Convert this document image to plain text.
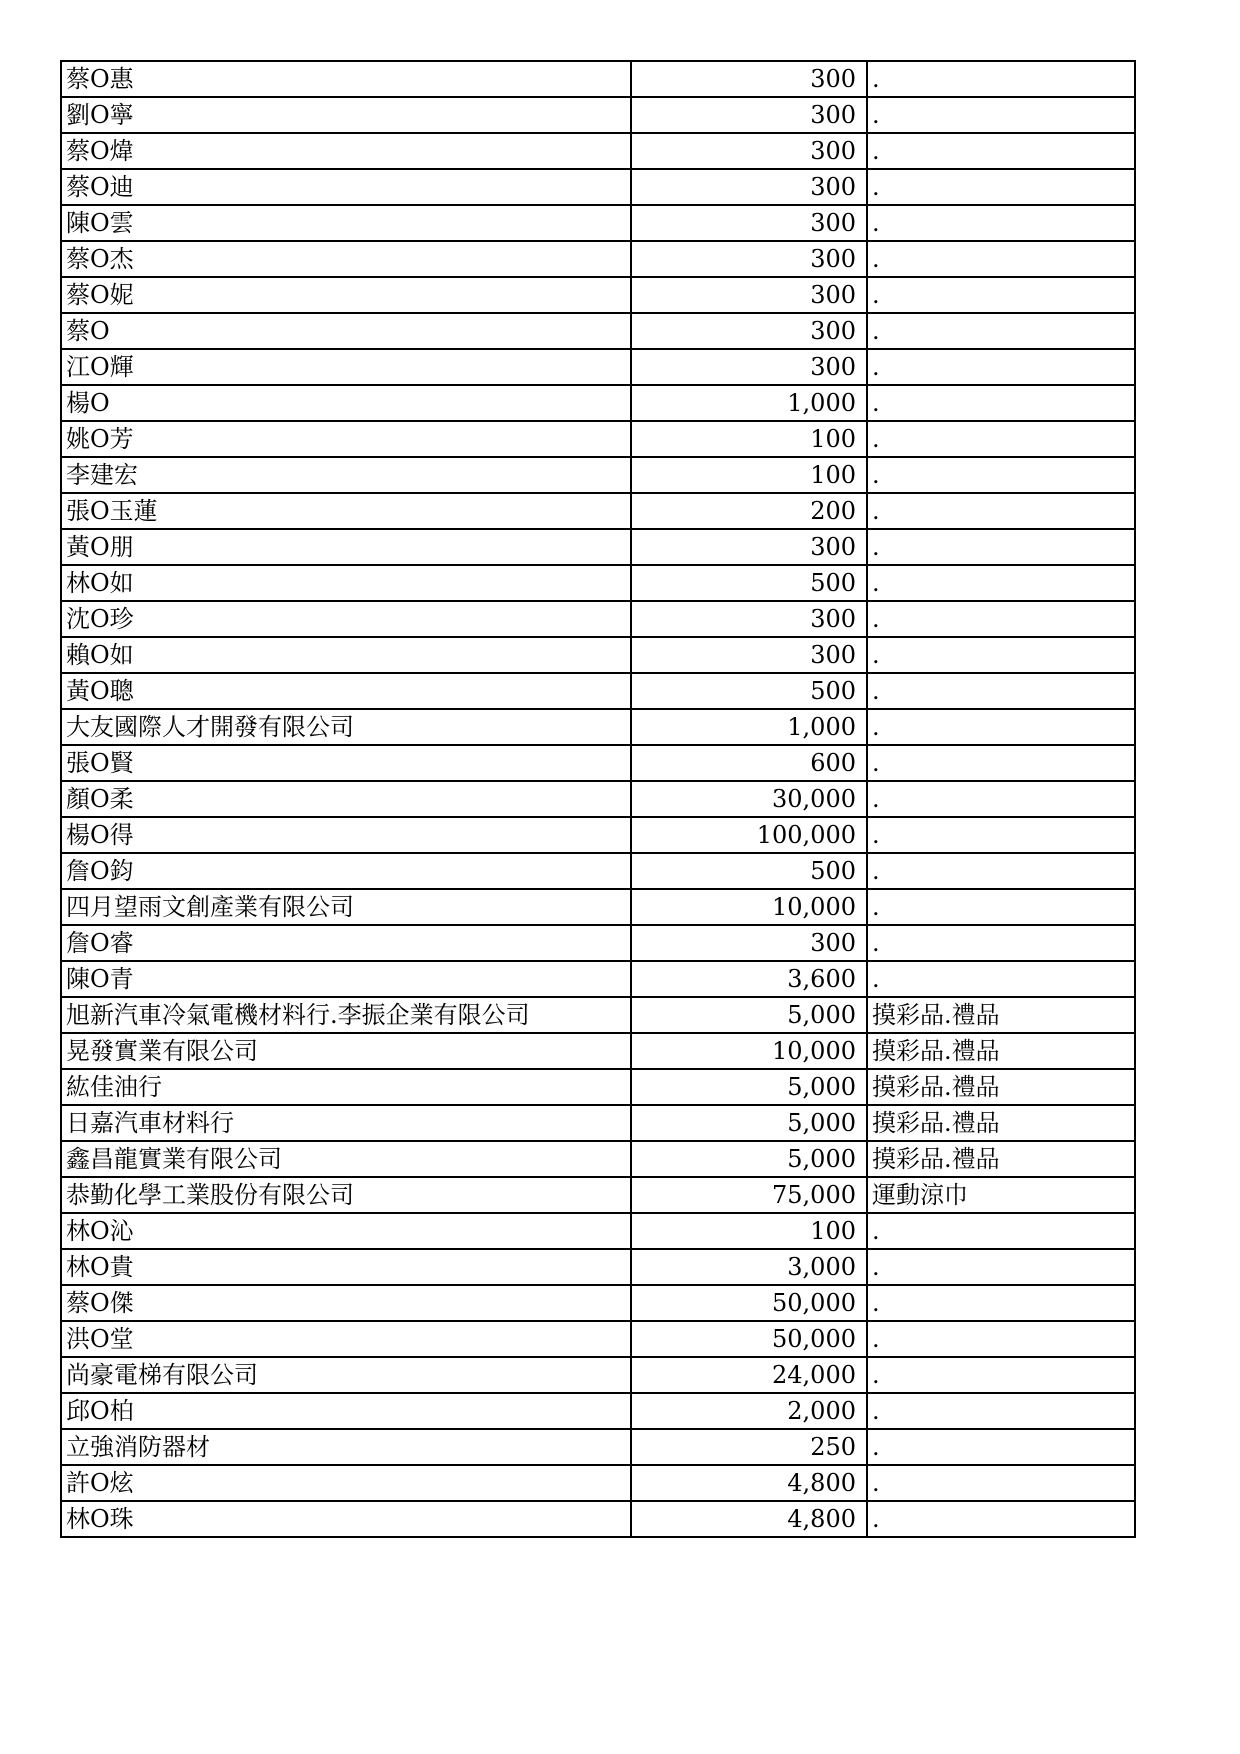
蔡O惠	300	.
劉O寧	300	.
蔡O煒	300	.
蔡O迪	300	.
陳O雲	300	.
蔡O杰	300	.
蔡O妮	300	.
蔡O	300	.
江O輝	300	.
楊O	1,000	.
姚O芳	100	.
李建宏	100	.
張O玉蓮	200	.
黃O朋	300	.
林O如	500	.
沈O珍	300	.
賴O如	300	.
黃O聰	500	.
大友國際人才開發有限公司	1,000	.
張O賢	600	.
顏O柔	30,000	.
楊O得	100,000	.
詹O鈞	500	.
四月望雨文創產業有限公司	10,000	.
詹O睿	300	.
陳O青	3,600	.
旭新汽車冷氣電機材料行.李振企業有限公司	5,000	摸彩品.禮品
晃發實業有限公司	10,000	摸彩品.禮品
紘佳油行	5,000	摸彩品.禮品
日嘉汽車材料行	5,000	摸彩品.禮品
鑫昌龍實業有限公司	5,000	摸彩品.禮品
恭勤化學工業股份有限公司	75,000	運動涼巾
林O沁	100	.
林O貴	3,000	.
蔡O傑	50,000	.
洪O堂	50,000	.
尚豪電梯有限公司	24,000	.
邱O柏	2,000	.
立強消防器材	250	.
許O炫	4,800	.
林O珠	4,800	.
